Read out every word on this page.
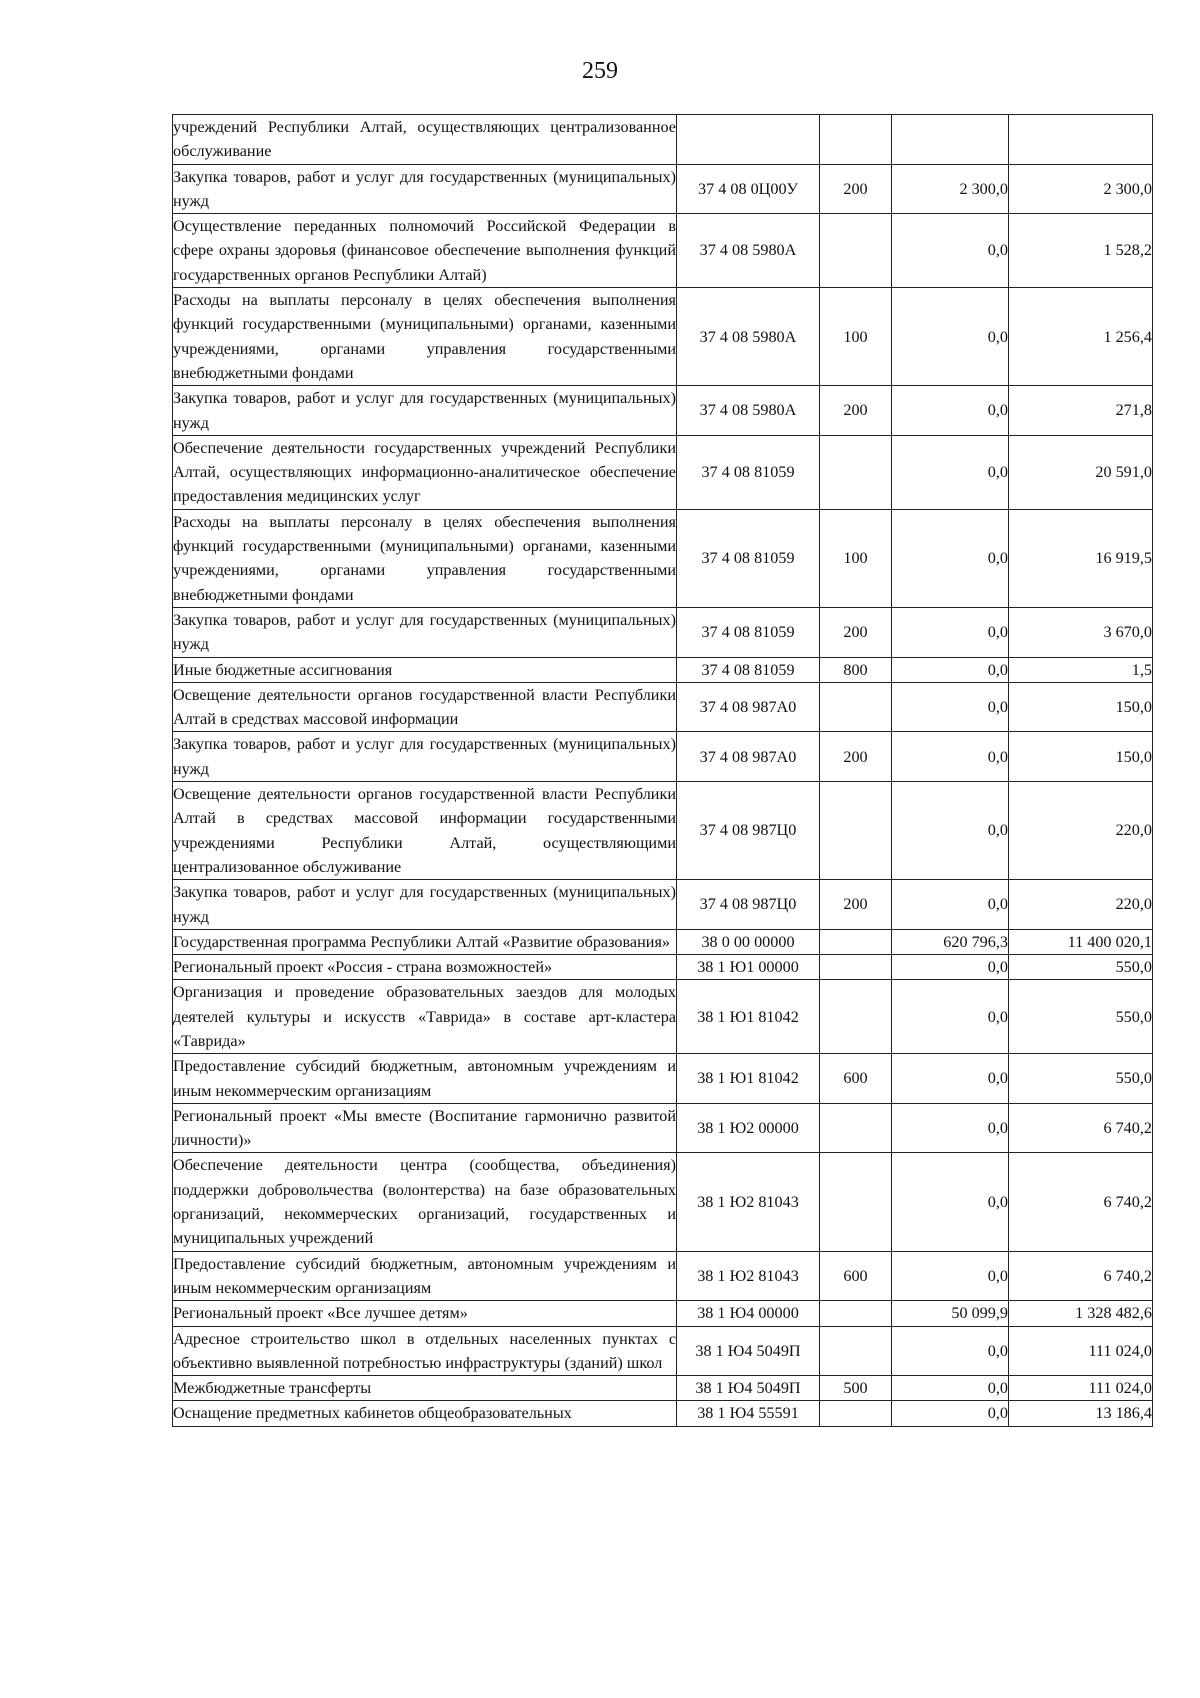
259
учреждений Республики Алтай, осуществляющих централизованное обслуживание				
Закупка товаров, работ и услуг для государственных (муниципальных) нужд	37 4 08 0Ц00У	200	2 300,0	2 300,0
Осуществление переданных полномочий Российской Федерации в сфере охраны здоровья (финансовое обеспечение выполнения функций государственных органов Республики Алтай)	37 4 08 5980А		0,0	1 528,2
Расходы на выплаты персоналу в целях обеспечения выполнения функций государственными (муниципальными) органами, казенными учреждениями, органами управления государственными внебюджетными фондами	37 4 08 5980А	100	0,0	1 256,4
Закупка товаров, работ и услуг для государственных (муниципальных) нужд	37 4 08 5980А	200	0,0	271,8
Обеспечение деятельности государственных учреждений Республики Алтай, осуществляющих информационно-аналитическое обеспечение предоставления медицинских услуг	37 4 08 81059		0,0	20 591,0
Расходы на выплаты персоналу в целях обеспечения выполнения функций государственными (муниципальными) органами, казенными учреждениями, органами управления государственными внебюджетными фондами	37 4 08 81059	100	0,0	16 919,5
Закупка товаров, работ и услуг для государственных (муниципальных) нужд	37 4 08 81059	200	0,0	3 670,0
Иные бюджетные ассигнования	37 4 08 81059	800	0,0	1,5
Освещение деятельности органов государственной власти Республики Алтай в средствах массовой информации	37 4 08 987А0		0,0	150,0
Закупка товаров, работ и услуг для государственных (муниципальных) нужд	37 4 08 987А0	200	0,0	150,0
Освещение деятельности органов государственной власти Республики Алтай в средствах массовой информации государственными учреждениями Республики Алтай, осуществляющими централизованное обслуживание	37 4 08 987Ц0		0,0	220,0
Закупка товаров, работ и услуг для государственных (муниципальных) нужд	37 4 08 987Ц0	200	0,0	220,0
Государственная программа Республики Алтай «Развитие образования»	38 0 00 00000		620 796,3	11 400 020,1
Региональный проект «Россия - страна возможностей»	38 1 Ю1 00000		0,0	550,0
Организация и проведение образовательных заездов для молодых деятелей культуры и искусств «Таврида» в составе арт-кластера «Таврида»	38 1 Ю1 81042		0,0	550,0
Предоставление субсидий бюджетным, автономным учреждениям и иным некоммерческим организациям	38 1 Ю1 81042	600	0,0	550,0
Региональный проект «Мы вместе (Воспитание гармонично развитой личности)»	38 1 Ю2 00000		0,0	6 740,2
Обеспечение деятельности центра (сообщества, объединения) поддержки добровольчества (волонтерства) на базе образовательных организаций, некоммерческих организаций, государственных и муниципальных учреждений	38 1 Ю2 81043		0,0	6 740,2
Предоставление субсидий бюджетным, автономным учреждениям и иным некоммерческим организациям	38 1 Ю2 81043	600	0,0	6 740,2
Региональный проект «Все лучшее детям»	38 1 Ю4 00000		50 099,9	1 328 482,6
Адресное строительство школ в отдельных населенных пунктах с объективно выявленной потребностью инфраструктуры (зданий) школ	38 1 Ю4 5049П		0,0	111 024,0
Межбюджетные трансферты	38 1 Ю4 5049П	500	0,0	111 024,0
Оснащение предметных кабинетов общеобразовательных	38 1 Ю4 55591		0,0	13 186,4
